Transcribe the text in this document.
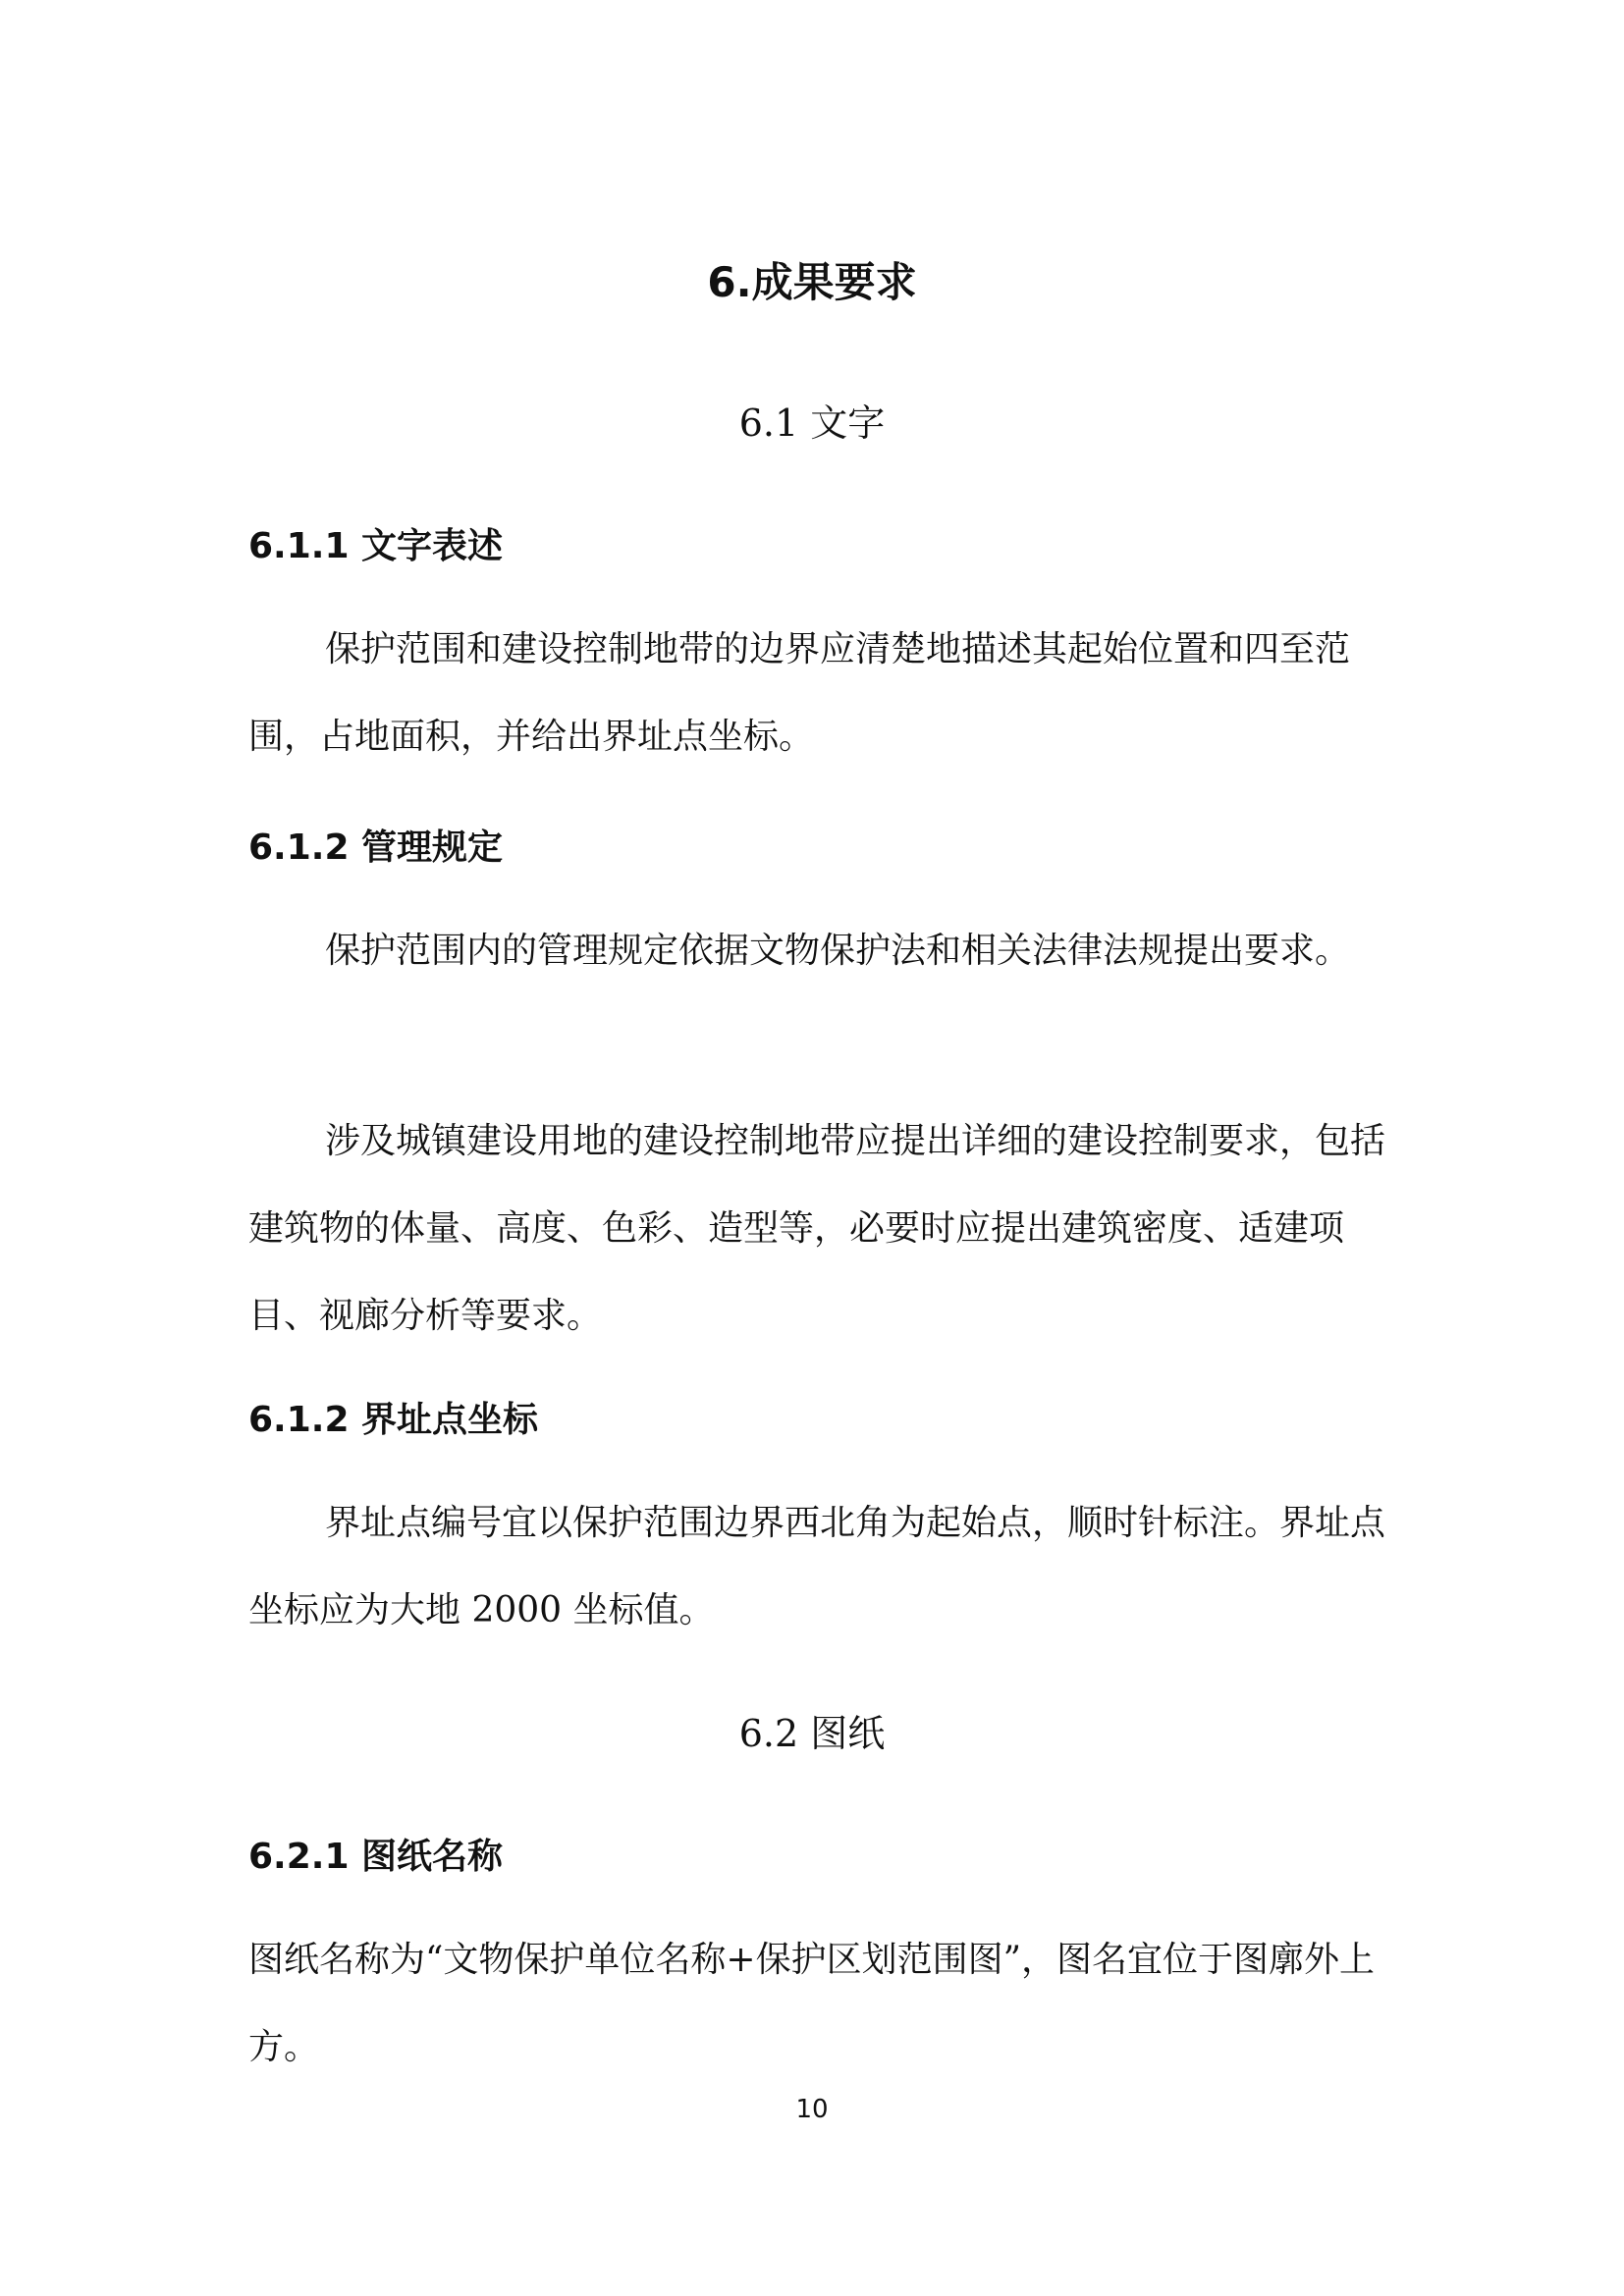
6.成果要求
6.1 文字
6.1.1 文字表述

保护范围和建设控制地带的边界应清楚地描述其起始位置和四至范围，占地面积，并给出界址点坐标。

6.1.2 管理规定

保护范围内的管理规定依据文物保护法和相关法律法规提出要求。

涉及城镇建设用地的建设控制地带应提出详细的建设控制要求，包括建筑物的体量、高度、色彩、造型等，必要时应提出建筑密度、适建项目、视廊分析等要求。

6.1.2 界址点坐标

界址点编号宜以保护范围边界西北角为起始点，顺时针标注。界址点坐标应为大地 2000 坐标值。

6.2 图纸
6.2.1 图纸名称

图纸名称为“文物保护单位名称+保护区划范围图”，图名宜位于图廓外上方。

10
